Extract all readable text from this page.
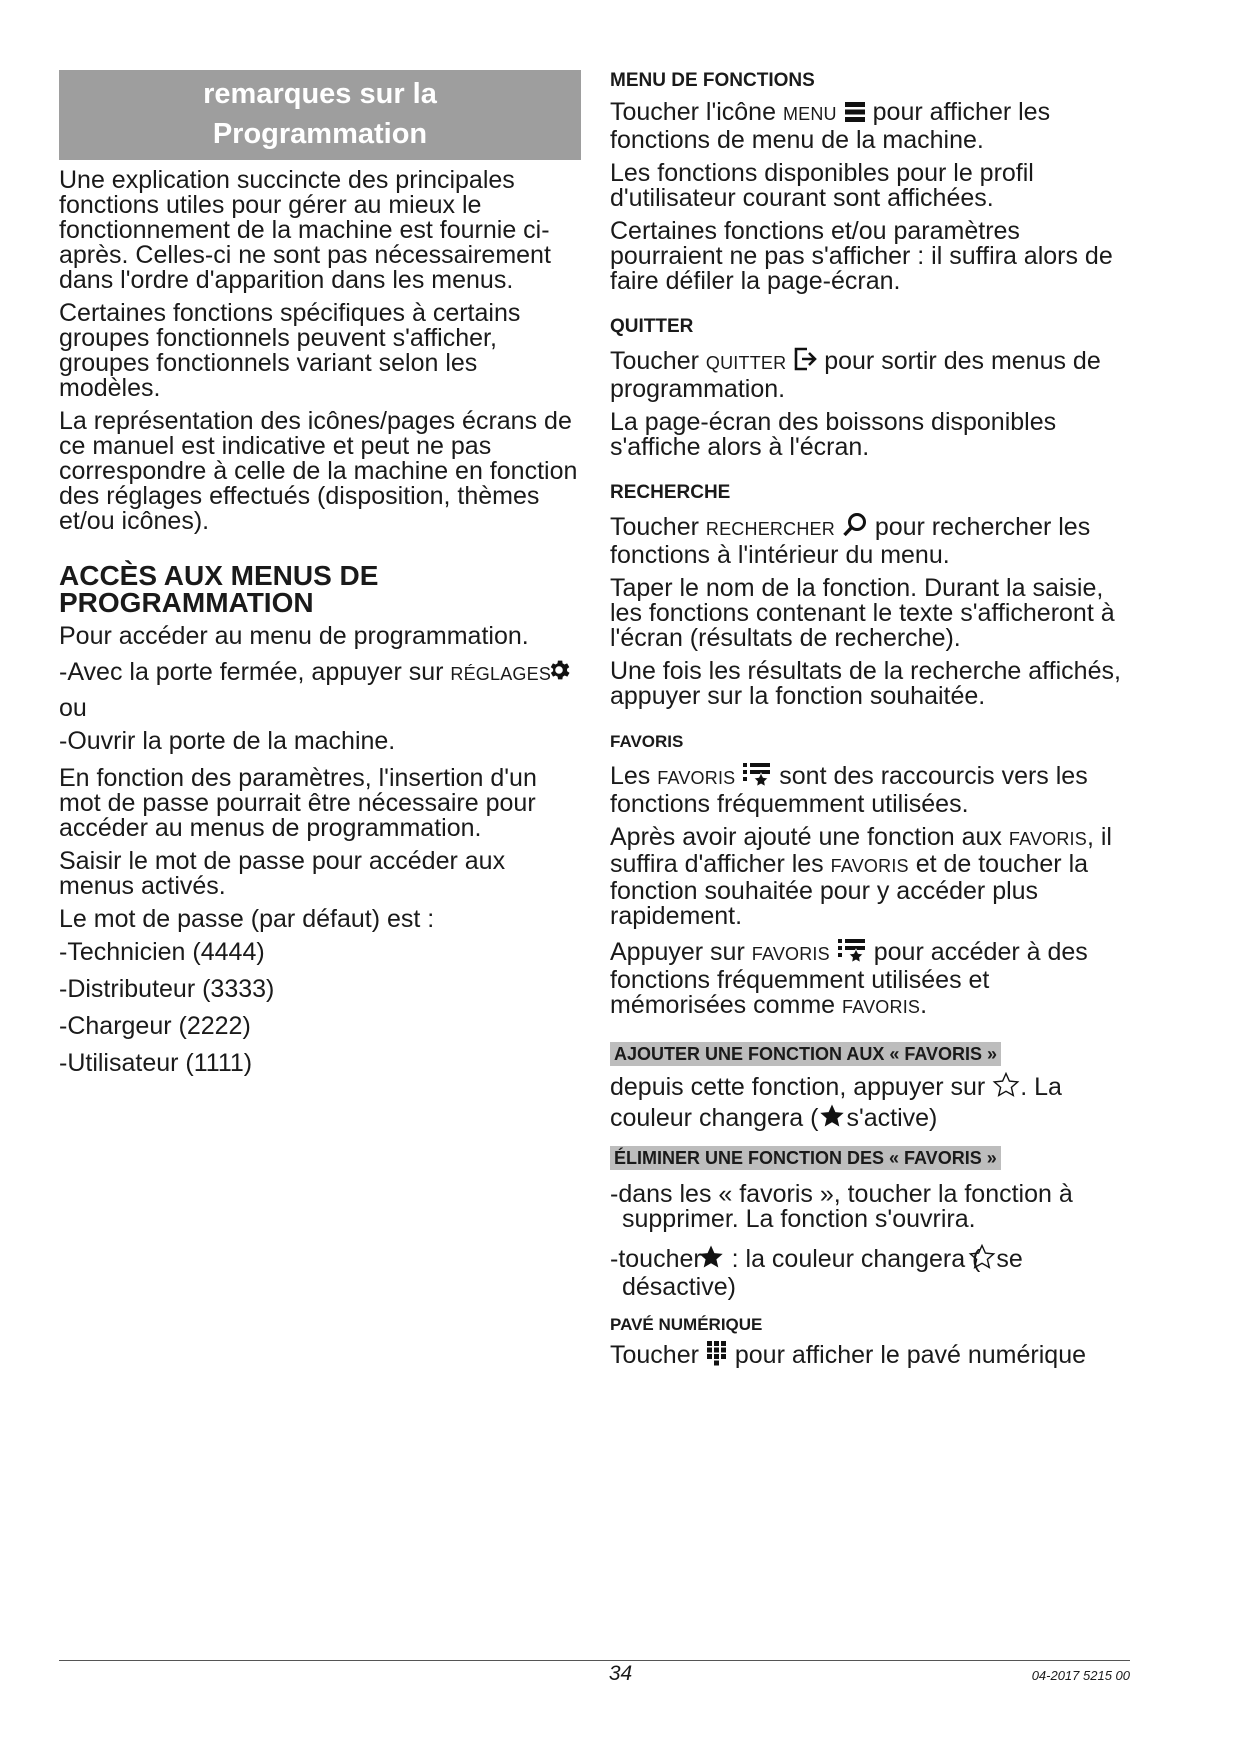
remarques sur la
Programmation

Une explication succincte des principales fonctions utiles pour gérer au mieux le fonctionnement de la machine est fournie ci-après. Celles-ci ne sont pas nécessairement dans l'ordre d'apparition dans les menus.

Certaines fonctions spécifiques à certains groupes fonctionnels peuvent s'afficher, groupes fonctionnels variant selon les modèles.

La représentation des icônes/pages écrans de ce manuel est indicative et peut ne pas correspondre à celle de la machine en fonction des réglages effectués (disposition, thèmes et/ou icônes).

ACCÈS AUX MENUS DE
PROGRAMMATION

Pour accéder au menu de programmation.

-Avec la porte fermée, appuyer sur RÉGLAGES

ou

-Ouvrir la porte de la machine.

En fonction des paramètres, l'insertion d'un mot de passe pourrait être nécessaire pour accéder au menus de programmation.

Saisir le mot de passe pour accéder aux menus activés.

Le mot de passe (par défaut) est :

-Technicien (4444)

-Distributeur (3333)

-Chargeur (2222)

-Utilisateur (1111)

MENU DE FONCTIONS

Toucher l'icône MENU pour afficher les fonctions de menu de la machine.

Les fonctions disponibles pour le profil d'utilisateur courant sont affichées.

Certaines fonctions et/ou paramètres pourraient ne pas s'afficher : il suffira alors de faire défiler la page-écran.

QUITTER

Toucher QUITTER pour sortir des menus de programmation.

La page-écran des boissons disponibles s'affiche alors à l'écran.

RECHERCHE

Toucher RECHERCHER pour rechercher les fonctions à l'intérieur du menu.

Taper le nom de la fonction. Durant la saisie, les fonctions contenant le texte s'afficheront à l'écran (résultats de recherche).

Une fois les résultats de la recherche affichés, appuyer sur la fonction souhaitée.

FAVORIS

Les FAVORIS sont des raccourcis vers les fonctions fréquemment utilisées.

Après avoir ajouté une fonction aux FAVORIS, il suffira d'afficher les FAVORIS et de toucher la fonction souhaitée pour y accéder plus rapidement.

Appuyer sur FAVORIS pour accéder à des fonctions fréquemment utilisées et mémorisées comme FAVORIS.

AJOUTER UNE FONCTION AUX « FAVORIS »

depuis cette fonction, appuyer sur . La couleur changera ( s'active)

ÉLIMINER UNE FONCTION DES « FAVORIS »

-dans les « favoris », toucher la fonction à supprimer. La fonction s'ouvrira.

-toucher : la couleur changera ( se désactive)

PAVÉ NUMÉRIQUE

Toucher pour afficher le pavé numérique

34	04-2017 5215 00
